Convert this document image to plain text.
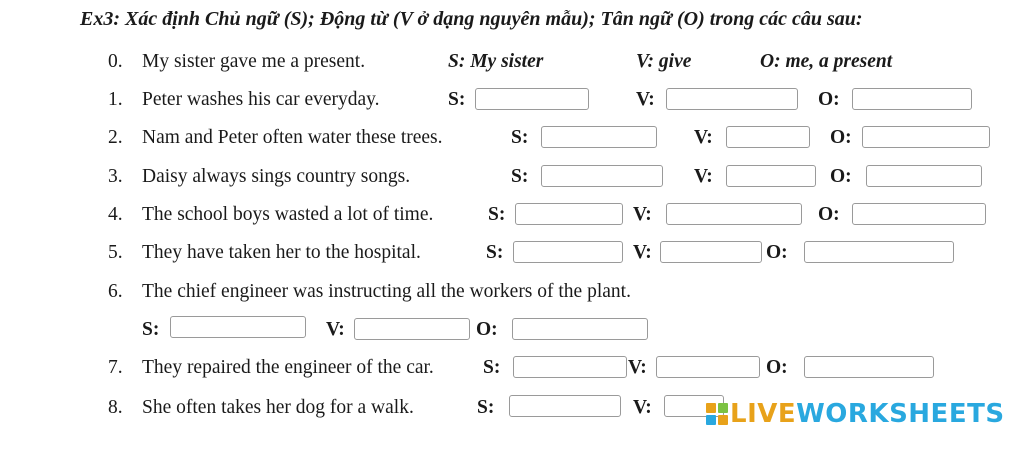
Ex3: Xác định Chủ ngữ (S); Động từ (V ở dạng nguyên mẫu); Tân ngữ (O) trong các câu sau:
0. My sister gave me a present.	S: My sister	V: give	O: me, a present
1. Peter washes his car everyday.	S:	V:	O:
2. Nam and Peter often water these trees.	S:	V:	O:
3. Daisy always sings country songs.	S:	V:	O:
4. The school boys wasted a lot of time.	S:	V:	O:
5. They have taken her to the hospital.	S:	V:	O:
6. The chief engineer was instructing all the workers of the plant.
S:	V:	O:
7. They repaired the engineer of the car.	S:	V:	O:
8. She often takes her dog for a walk.	S:	V:	LIVE WORKSHEETS
